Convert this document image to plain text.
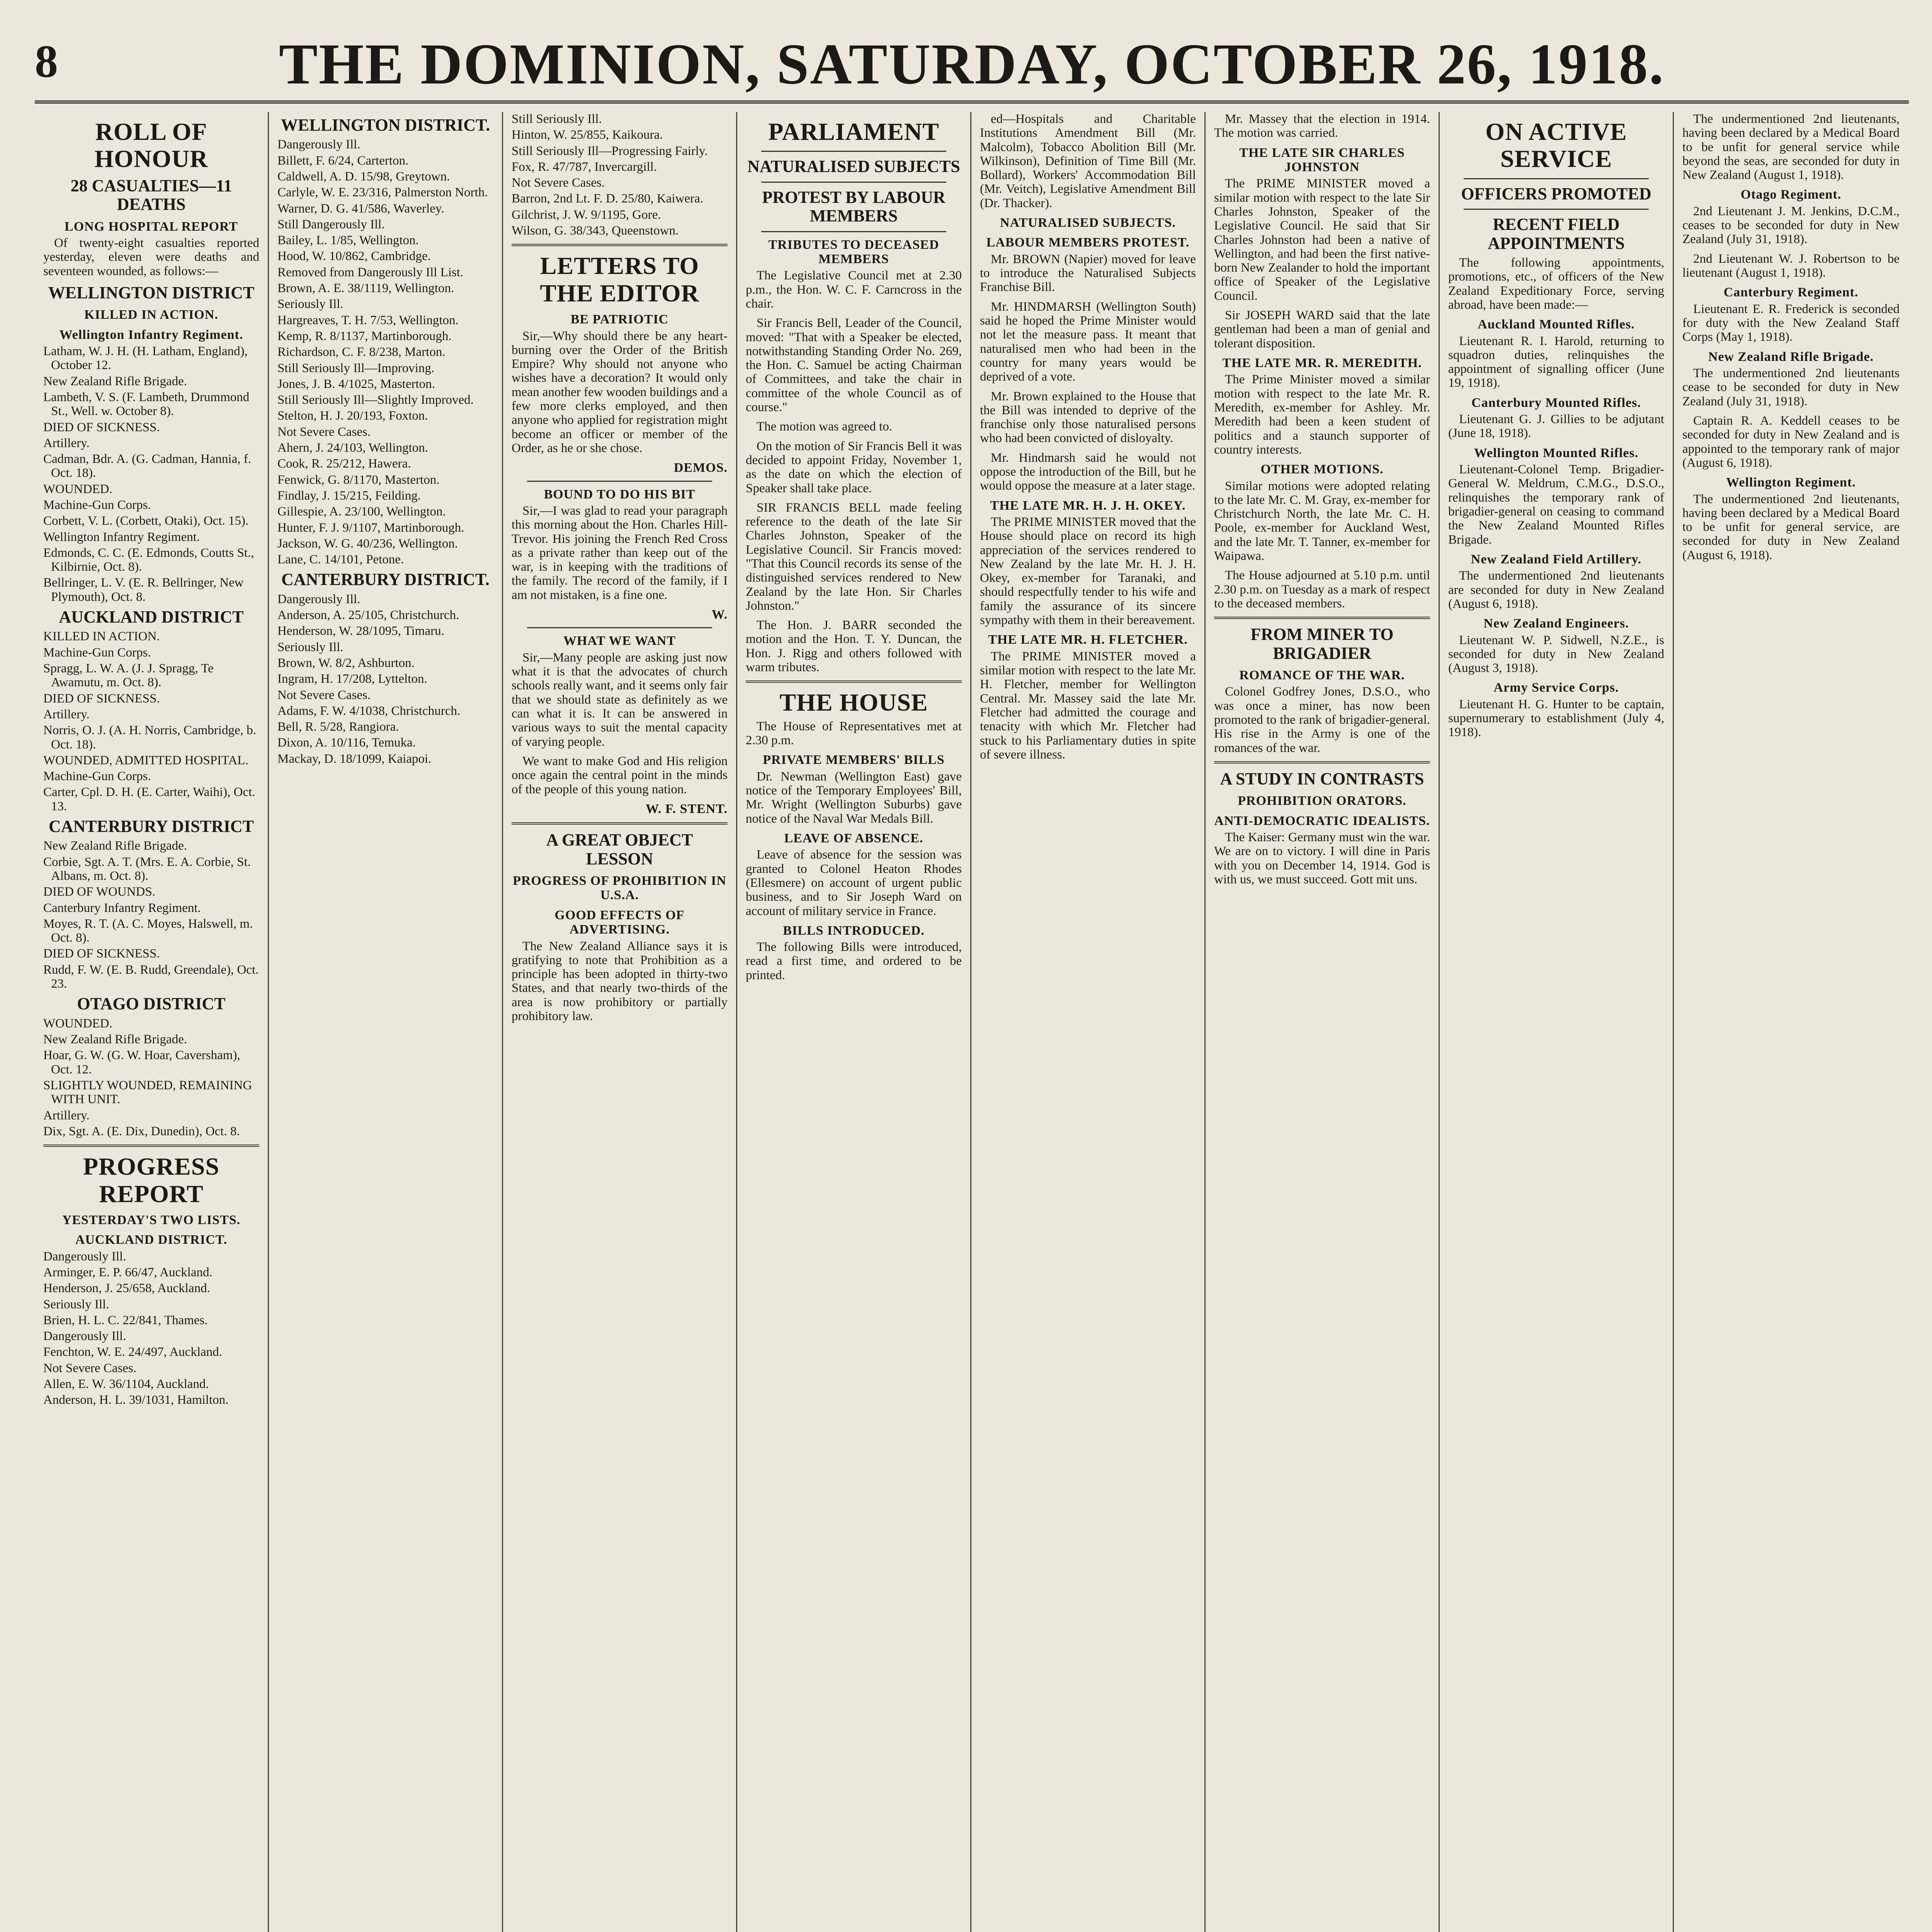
8	THE DOMINION, SATURDAY, OCTOBER 26, 1918.
ROLL OF HONOUR
28 CASUALTIES—11 DEATHS
LONG HOSPITAL REPORT

Of twenty-eight casualties reported yesterday, eleven were deaths and seventeen wounded, as follows:—

WELLINGTON DISTRICT
KILLED IN ACTION.
Wellington Infantry Regiment.
Latham, W. J. H. (H. Latham, England), October 12.
New Zealand Rifle Brigade.
Lambeth, V. S. (F. Lambeth, Drummond St., Well. w. October 8).
DIED OF SICKNESS.
Artillery.
Cadman, Bdr. A. (G. Cadman, Hannia, f. Oct. 18).
WOUNDED.
Machine-Gun Corps.
Corbett, V. L. (Corbett, Otaki), Oct. 15).
Wellington Infantry Regiment.
Edmonds, C. C. (E. Edmonds, Coutts St., Kilbirnie, Oct. 8).
Bellringer, L. V. (E. R. Bellringer, New Plymouth), Oct. 8.
AUCKLAND DISTRICT
KILLED IN ACTION.
Machine-Gun Corps.
Spragg, L. W. A. (J. J. Spragg, Te Awamutu, m. Oct. 8).
DIED OF SICKNESS.
Artillery.
Norris, O. J. (A. H. Norris, Cambridge, b. Oct. 18).
WOUNDED, ADMITTED HOSPITAL.
Machine-Gun Corps.
Carter, Cpl. D. H. (E. Carter, Waihi), Oct. 13.
CANTERBURY DISTRICT
New Zealand Rifle Brigade.
Corbie, Sgt. A. T. (Mrs. E. A. Corbie, St. Albans, m. Oct. 8).
DIED OF WOUNDS.
Canterbury Infantry Regiment.
Moyes, R. T. (A. C. Moyes, Halswell, m. Oct. 8).
DIED OF SICKNESS.
Rudd, F. W. (E. B. Rudd, Greendale), Oct. 23.
OTAGO DISTRICT
WOUNDED.
New Zealand Rifle Brigade.
Hoar, G. W. (G. W. Hoar, Caversham), Oct. 12.
SLIGHTLY WOUNDED, REMAINING WITH UNIT.
Artillery.
Dix, Sgt. A. (E. Dix, Dunedin), Oct. 8.
PROGRESS REPORT
YESTERDAY'S TWO LISTS.
AUCKLAND DISTRICT.
Dangerously Ill.
Arminger, E. P. 66/47, Auckland.
Henderson, J. 25/658, Auckland.
Seriously Ill.
Brien, H. L. C. 22/841, Thames.
Dangerously Ill.
Fenchton, W. E. 24/497, Auckland.
Not Severe Cases.
Allen, E. W. 36/1104, Auckland.
Anderson, H. L. 39/1031, Hamilton.
WELLINGTON DISTRICT.
Dangerously Ill.
Billett, F. 6/24, Carterton.
Caldwell, A. D. 15/98, Greytown.
Carlyle, W. E. 23/316, Palmerston North.
Warner, D. G. 41/586, Waverley.
Still Dangerously Ill.
Bailey, L. 1/85, Wellington.
Hood, W. 10/862, Cambridge.
Removed from Dangerously Ill List.
Brown, A. E. 38/1119, Wellington.
Seriously Ill.
Hargreaves, T. H. 7/53, Wellington.
Kemp, R. 8/1137, Martinborough.
Richardson, C. F. 8/238, Marton.
Still Seriously Ill—Improving.
Jones, J. B. 4/1025, Masterton.
Still Seriously Ill—Slightly Improved.
Stelton, H. J. 20/193, Foxton.
Not Severe Cases.
Ahern, J. 24/103, Wellington.
Cook, R. 25/212, Hawera.
Fenwick, G. 8/1170, Masterton.
Findlay, J. 15/215, Feilding.
Gillespie, A. 23/100, Wellington.
Hunter, F. J. 9/1107, Martinborough.
Jackson, W. G. 40/236, Wellington.
Lane, C. 14/101, Petone.
CANTERBURY DISTRICT.
Dangerously Ill.
Anderson, A. 25/105, Christchurch.
Henderson, W. 28/1095, Timaru.
Seriously Ill.
Brown, W. 8/2, Ashburton.
Ingram, H. 17/208, Lyttelton.
Not Severe Cases.
Adams, F. W. 4/1038, Christchurch.
Bell, R. 5/28, Rangiora.
Dixon, A. 10/116, Temuka.
Mackay, D. 18/1099, Kaiapoi.
Still Seriously Ill.
Hinton, W. 25/855, Kaikoura.
Still Seriously Ill—Progressing Fairly.
Fox, R. 47/787, Invercargill.
Not Severe Cases.
Barron, 2nd Lt. F. D. 25/80, Kaiwera.
Gilchrist, J. W. 9/1195, Gore.
Wilson, G. 38/343, Queenstown.
LETTERS TO THE EDITOR
BE PATRIOTIC

Sir,—Why should there be any heart-burning over the Order of the British Empire? Why should not anyone who wishes have a decoration? It would only mean another few wooden buildings and a few more clerks employed, and then anyone who applied for registration might become an officer or member of the Order, as he or she chose.

DEMOS.
BOUND TO DO HIS BIT

Sir,—I was glad to read your paragraph this morning about the Hon. Charles Hill-Trevor. His joining the French Red Cross as a private rather than keep out of the war, is in keeping with the traditions of the family. The record of the family, if I am not mistaken, is a fine one.

W.
WHAT WE WANT

Sir,—Many people are asking just now what it is that the advocates of church schools really want, and it seems only fair that we should state as definitely as we can what it is. It can be answered in various ways to suit the mental capacity of varying people.

We want to make God and His religion once again the central point in the minds of the people of this young nation.

W. F. STENT.
A GREAT OBJECT LESSON
PROGRESS OF PROHIBITION IN U.S.A.
GOOD EFFECTS OF ADVERTISING.

The New Zealand Alliance says it is gratifying to note that Prohibition as a principle has been adopted in thirty-two States, and that nearly two-thirds of the area is now prohibitory or partially prohibitory law.

PARLIAMENT
NATURALISED SUBJECTS
PROTEST BY LABOUR MEMBERS
TRIBUTES TO DECEASED MEMBERS

The Legislative Council met at 2.30 p.m., the Hon. W. C. F. Carncross in the chair.

Sir Francis Bell, Leader of the Council, moved: "That with a Speaker be elected, notwithstanding Standing Order No. 269, the Hon. C. Samuel be acting Chairman of Committees, and take the chair in committee of the whole Council as of course."

The motion was agreed to.

On the motion of Sir Francis Bell it was decided to appoint Friday, November 1, as the date on which the election of Speaker shall take place.

SIR FRANCIS BELL made feeling reference to the death of the late Sir Charles Johnston, Speaker of the Legislative Council. Sir Francis moved: "That this Council records its sense of the distinguished services rendered to New Zealand by the late Hon. Sir Charles Johnston."

The Hon. J. BARR seconded the motion and the Hon. T. Y. Duncan, the Hon. J. Rigg and others followed with warm tributes.

THE HOUSE

The House of Representatives met at 2.30 p.m.

PRIVATE MEMBERS' BILLS

Dr. Newman (Wellington East) gave notice of the Temporary Employees' Bill, Mr. Wright (Wellington Suburbs) gave notice of the Naval War Medals Bill.

LEAVE OF ABSENCE.

Leave of absence for the session was granted to Colonel Heaton Rhodes (Ellesmere) on account of urgent public business, and to Sir Joseph Ward on account of military service in France.

BILLS INTRODUCED.

The following Bills were introduced, read a first time, and ordered to be printed.

ed—Hospitals and Charitable Institutions Amendment Bill (Mr. Malcolm), Tobacco Abolition Bill (Mr. Wilkinson), Definition of Time Bill (Mr. Bollard), Workers' Accommodation Bill (Mr. Veitch), Legislative Amendment Bill (Dr. Thacker).

NATURALISED SUBJECTS.
LABOUR MEMBERS PROTEST.

Mr. BROWN (Napier) moved for leave to introduce the Naturalised Subjects Franchise Bill.

Mr. HINDMARSH (Wellington South) said he hoped the Prime Minister would not let the measure pass. It meant that naturalised men who had been in the country for many years would be deprived of a vote.

Mr. Brown explained to the House that the Bill was intended to deprive of the franchise only those naturalised persons who had been convicted of disloyalty.

Mr. Hindmarsh said he would not oppose the introduction of the Bill, but he would oppose the measure at a later stage.

THE LATE MR. H. J. H. OKEY.

The PRIME MINISTER moved that the House should place on record its high appreciation of the services rendered to New Zealand by the late Mr. H. J. H. Okey, ex-member for Taranaki, and should respectfully tender to his wife and family the assurance of its sincere sympathy with them in their bereavement.

THE LATE MR. H. FLETCHER.

The PRIME MINISTER moved a similar motion with respect to the late Mr. H. Fletcher, member for Wellington Central. Mr. Massey said the late Mr. Fletcher had admitted the courage and tenacity with which Mr. Fletcher had stuck to his Parliamentary duties in spite of severe illness.

Mr. Massey that the election in 1914. The motion was carried.

THE LATE SIR CHARLES JOHNSTON

The PRIME MINISTER moved a similar motion with respect to the late Sir Charles Johnston, Speaker of the Legislative Council. He said that Sir Charles Johnston had been a native of Wellington, and had been the first native-born New Zealander to hold the important office of Speaker of the Legislative Council.

Sir JOSEPH WARD said that the late gentleman had been a man of genial and tolerant disposition.

THE LATE MR. R. MEREDITH.

The Prime Minister moved a similar motion with respect to the late Mr. R. Meredith, ex-member for Ashley. Mr. Meredith had been a keen student of politics and a staunch supporter of country interests.

OTHER MOTIONS.

Similar motions were adopted relating to the late Mr. C. M. Gray, ex-member for Christchurch North, the late Mr. C. H. Poole, ex-member for Auckland West, and the late Mr. T. Tanner, ex-member for Waipawa.

The House adjourned at 5.10 p.m. until 2.30 p.m. on Tuesday as a mark of respect to the deceased members.

FROM MINER TO BRIGADIER
ROMANCE OF THE WAR.

Colonel Godfrey Jones, D.S.O., who was once a miner, has now been promoted to the rank of brigadier-general. His rise in the Army is one of the romances of the war.

A STUDY IN CONTRASTS
PROHIBITION ORATORS.
ANTI-DEMOCRATIC IDEALISTS.

The Kaiser: Germany must win the war. We are on to victory. I will dine in Paris with you on December 14, 1914. God is with us, we must succeed. Gott mit uns.

ON ACTIVE SERVICE
OFFICERS PROMOTED
RECENT FIELD APPOINTMENTS

The following appointments, promotions, etc., of officers of the New Zealand Expeditionary Force, serving abroad, have been made:—

Auckland Mounted Rifles.

Lieutenant R. I. Harold, returning to squadron duties, relinquishes the appointment of signalling officer (June 19, 1918).

Canterbury Mounted Rifles.

Lieutenant G. J. Gillies to be adjutant (June 18, 1918).

Wellington Mounted Rifles.

Lieutenant-Colonel Temp. Brigadier-General W. Meldrum, C.M.G., D.S.O., relinquishes the temporary rank of brigadier-general on ceasing to command the New Zealand Mounted Rifles Brigade.

New Zealand Field Artillery.

The undermentioned 2nd lieutenants are seconded for duty in New Zealand (August 6, 1918).

New Zealand Engineers.

Lieutenant W. P. Sidwell, N.Z.E., is seconded for duty in New Zealand (August 3, 1918).

Army Service Corps.

Lieutenant H. G. Hunter to be captain, supernumerary to establishment (July 4, 1918).

The undermentioned 2nd lieutenants, having been declared by a Medical Board to be unfit for general service while beyond the seas, are seconded for duty in New Zealand (August 1, 1918).

Otago Regiment.

2nd Lieutenant J. M. Jenkins, D.C.M., ceases to be seconded for duty in New Zealand (July 31, 1918).

2nd Lieutenant W. J. Robertson to be lieutenant (August 1, 1918).

Canterbury Regiment.

Lieutenant E. R. Frederick is seconded for duty with the New Zealand Staff Corps (May 1, 1918).

New Zealand Rifle Brigade.

The undermentioned 2nd lieutenants cease to be seconded for duty in New Zealand (July 31, 1918).

Captain R. A. Keddell ceases to be seconded for duty in New Zealand and is appointed to the temporary rank of major (August 6, 1918).

Wellington Regiment.

The undermentioned 2nd lieutenants, having been declared by a Medical Board to be unfit for general service, are seconded for duty in New Zealand (August 6, 1918).
